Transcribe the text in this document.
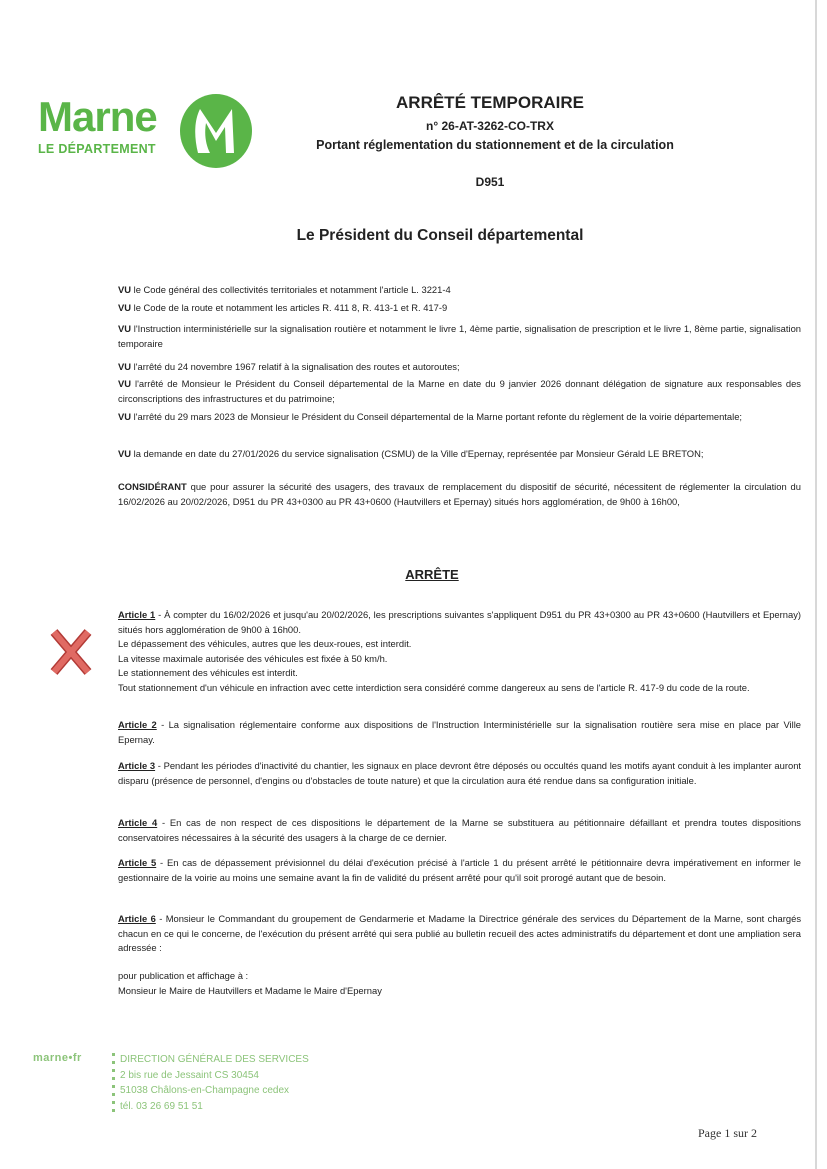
Marne
LE DÉPARTEMENT
ARRÊTÉ TEMPORAIRE
n° 26-AT-3262-CO-TRX
Portant réglementation du stationnement et de la circulation
D951
Le Président du Conseil départemental
VU le Code général des collectivités territoriales et notamment l'article L. 3221-4
VU le Code de la route et notamment les articles R. 411 8, R. 413-1 et R. 417-9
VU l'Instruction interministérielle sur la signalisation routière et notamment le livre 1, 4ème partie, signalisation de prescription et le livre 1, 8ème partie, signalisation temporaire
VU l'arrêté du 24 novembre 1967 relatif à la signalisation des routes et autoroutes;
VU l'arrêté de Monsieur le Président du Conseil départemental de la Marne en date du 9 janvier 2026 donnant délégation de signature aux responsables des circonscriptions des infrastructures et du patrimoine;
VU l'arrêté du 29 mars 2023 de Monsieur le Président du Conseil départemental de la Marne portant refonte du règlement de la voirie départementale;
VU la demande en date du 27/01/2026 du service signalisation (CSMU) de la Ville d'Epernay, représentée par Monsieur Gérald LE BRETON;
CONSIDÉRANT que pour assurer la sécurité des usagers, des travaux de remplacement du dispositif de sécurité, nécessitent de réglementer la circulation du 16/02/2026 au 20/02/2026, D951 du PR 43+0300 au PR 43+0600 (Hautvillers et Epernay) situés hors agglomération, de 9h00 à 16h00,
ARRÊTE
Article 1 - À compter du 16/02/2026 et jusqu'au 20/02/2026, les prescriptions suivantes s'appliquent D951 du PR 43+0300 au PR 43+0600 (Hautvillers et Epernay) situés hors agglomération de 9h00 à 16h00.
Le dépassement des véhicules, autres que les deux-roues, est interdit.
La vitesse maximale autorisée des véhicules est fixée à 50 km/h.
Le stationnement des véhicules est interdit.
Tout stationnement d'un véhicule en infraction avec cette interdiction sera considéré comme dangereux au sens de l'article R. 417-9 du code de la route.
Article 2 - La signalisation réglementaire conforme aux dispositions de l'Instruction Interministérielle sur la signalisation routière sera mise en place par Ville Epernay.
Article 3 - Pendant les périodes d'inactivité du chantier, les signaux en place devront être déposés ou occultés quand les motifs ayant conduit à les implanter auront disparu (présence de personnel, d'engins ou d'obstacles de toute nature) et que la circulation aura été rendue dans sa configuration initiale.
Article 4 - En cas de non respect de ces dispositions le département de la Marne se substituera au pétitionnaire défaillant et prendra toutes dispositions conservatoires nécessaires à la sécurité des usagers à la charge de ce dernier.
Article 5 - En cas de dépassement prévisionnel du délai d'exécution précisé à l'article 1 du présent arrêté le pétitionnaire devra impérativement en informer le gestionnaire de la voirie au moins une semaine avant la fin de validité du présent arrêté pour qu'il soit prorogé autant que de besoin.
Article 6 - Monsieur le Commandant du groupement de Gendarmerie et Madame la Directrice générale des services du Département de la Marne, sont chargés chacun en ce qui le concerne, de l'exécution du présent arrêté qui sera publié au bulletin recueil des actes administratifs du département et dont une ampliation sera adressée :
pour publication et affichage à :
Monsieur le Maire de Hautvillers et Madame le Maire d'Epernay
marne•fr	DIRECTION GÉNÉRALE DES SERVICES
2 bis rue de Jessaint CS 30454
51038 Châlons-en-Champagne cedex
tél. 03 26 69 51 51
Page 1 sur 2
